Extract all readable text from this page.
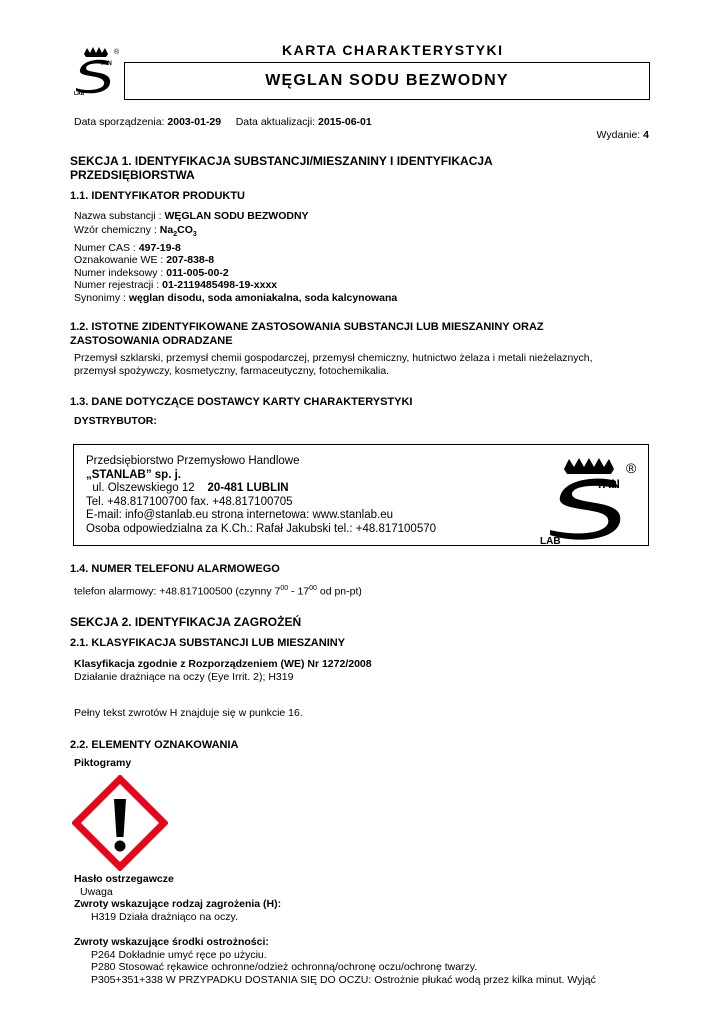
TAN
LAB
®	KARTA CHARAKTERYSTYKI
WĘGLAN SODU BEZWODNY
Data sporządzenia: 2003-01-29 Data aktualizacji: 2015-06-01
Wydanie: 4
SEKCJA 1. IDENTYFIKACJA SUBSTANCJI/MIESZANINY I IDENTYFIKACJA
PRZEDSIĘBIORSTWA
1.1. IDENTYFIKATOR PRODUKTU
Nazwa substancji : WĘGLAN SODU BEZWODNY
Wzór chemiczny : $Na_2CO_3$
Numer CAS : 497-19-8
Oznakowanie WE : 207-838-8
Numer indeksowy : 011-005-00-2
Numer rejestracji : 01-2119485498-19-xxxx
Synonimy : węglan disodu, soda amoniakalna, soda kalcynowana
1.2. ISTOTNE ZIDENTYFIKOWANE ZASTOSOWANIA SUBSTANCJI LUB MIESZANINY ORAZ
ZASTOSOWANIA ODRADZANE
Przemysł szklarski, przemysł chemii gospodarczej, przemysł chemiczny, hutnictwo żelaza i metali nieżelaznych,
przemysł spożywczy, kosmetyczny, farmaceutyczny, fotochemikalia.
1.3. DANE DOTYCZĄCE DOSTAWCY KARTY CHARAKTERYSTYKI
DYSTRYBUTOR:
Przedsiębiorstwo Przemysłowo Handlowe
„STANLAB” sp. j.
ul. Olszewskiego 12 20-481 LUBLIN
Tel. +48.817100700 fax. +48.817100705
E-mail: info@stanlab.eu strona internetowa: www.stanlab.eu
Osoba odpowiedzialna za K.Ch.: Rafał Jakubski tel.: +48.817100570
TAN
LAB
®
1.4. NUMER TELEFONU ALARMOWEGO
telefon alarmowy: +48.817100500 (czynny $7^{00} - 17^{00}$ od pn-pt)
SEKCJA 2. IDENTYFIKACJA ZAGROŻEŃ
2.1. KLASYFIKACJA SUBSTANCJI LUB MIESZANINY
Klasyfikacja zgodnie z Rozporządzeniem (WE) Nr 1272/2008
Działanie drażniące na oczy (Eye Irrit. 2); H319
Pełny tekst zwrotów H znajduje się w punkcie 16.
2.2. ELEMENTY OZNAKOWANIA
Piktogramy
Hasło ostrzegawcze
Uwaga
Zwroty wskazujące rodzaj zagrożenia (H):
H319 Działa drażniąco na oczy.
Zwroty wskazujące środki ostrożności:
P264 Dokładnie umyć ręce po użyciu.
P280 Stosować rękawice ochronne/odzież ochronną/ochronę oczu/ochronę twarzy.
P305+351+338 W PRZYPADKU DOSTANIA SIĘ DO OCZU: Ostrożnie płukać wodą przez kilka minut. Wyjąć
